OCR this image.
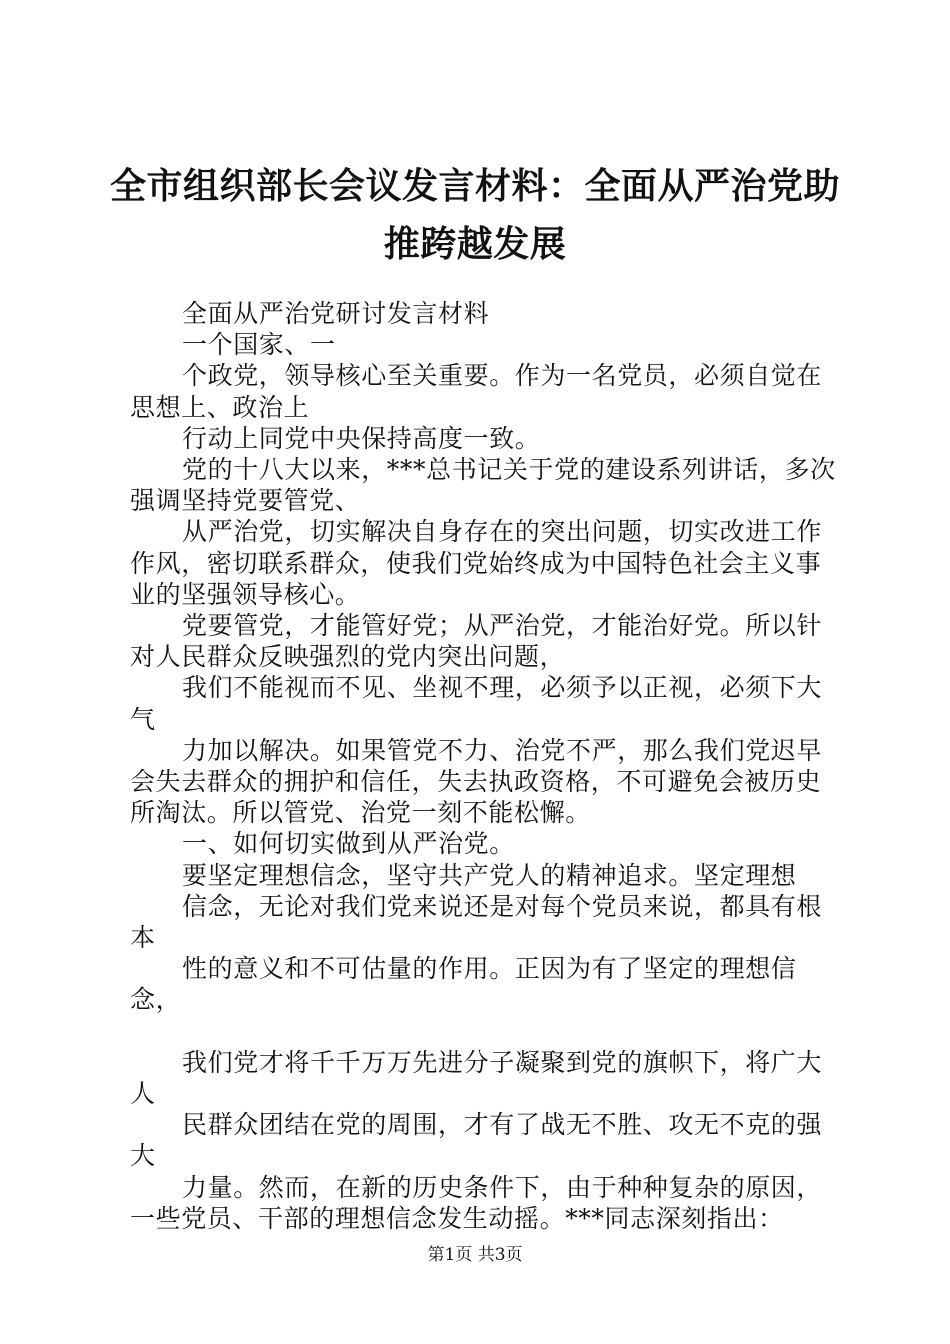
全市组织部长会议发言材料：全面从严治党助
推跨越发展

全面从严治党研讨发言材料

一个国家、一

个政党，领导核心至关重要。作为一名党员，必须自觉在思想上、政治上

行动上同党中央保持高度一致。

党的十八大以来，***总书记关于党的建设系列讲话，多次强调坚持党要管党、

从严治党，切实解决自身存在的突出问题，切实改进工作作风，密切联系群众，使我们党始终成为中国特色社会主义事业的坚强领导核心。

党要管党，才能管好党；从严治党，才能治好党。所以针对人民群众反映强烈的党内突出问题，

我们不能视而不见、坐视不理，必须予以正视，必须下大气

力加以解决。如果管党不力、治党不严，那么我们党迟早会失去群众的拥护和信任，失去执政资格，不可避免会被历史所淘汰。所以管党、治党一刻不能松懈。

一、如何切实做到从严治党。

要坚定理想信念，坚守共产党人的精神追求。坚定理想

信念，无论对我们党来说还是对每个党员来说，都具有根本

性的意义和不可估量的作用。正因为有了坚定的理想信念，

我们党才将千千万万先进分子凝聚到党的旗帜下，将广大人

民群众团结在党的周围，才有了战无不胜、攻无不克的强大

力量。然而，在新的历史条件下，由于种种复杂的原因，一些党员、干部的理想信念发生动摇。***同志深刻指出：

第1页 共3页
